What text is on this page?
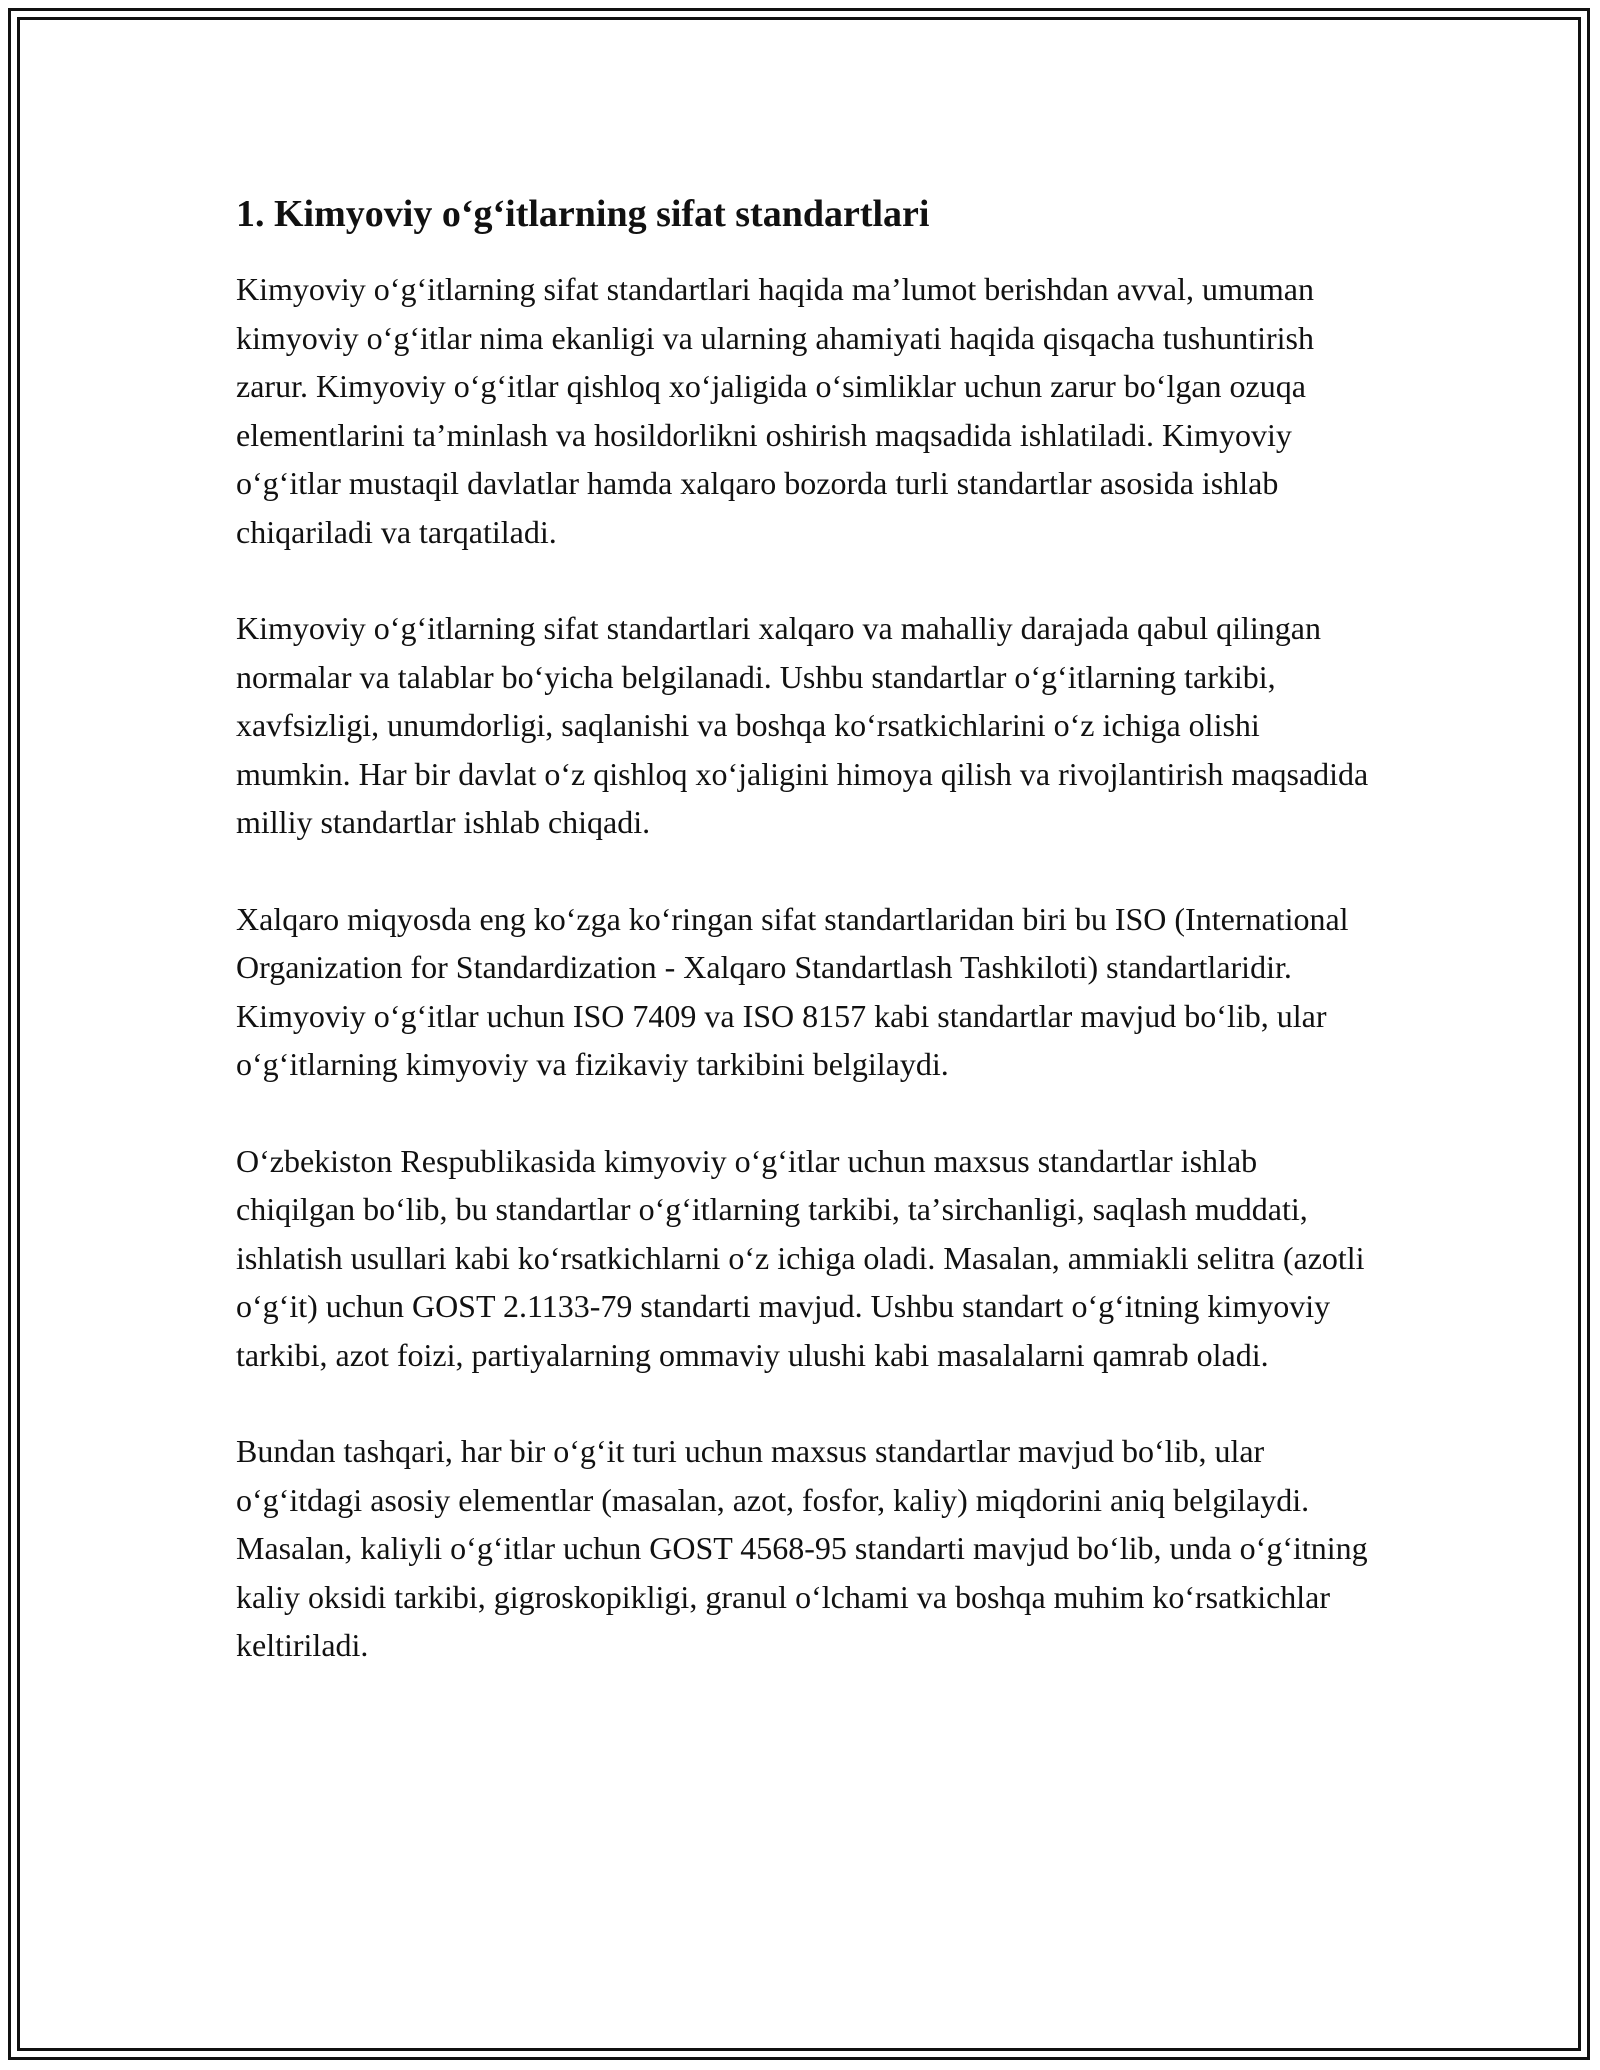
1. Kimyoviy oʻgʻitlarning sifat standartlari

Kimyoviy oʻgʻitlarning sifat standartlari haqida maʼlumot berishdan avval, umuman kimyoviy oʻgʻitlar nima ekanligi va ularning ahamiyati haqida qisqacha tushuntirish zarur. Kimyoviy oʻgʻitlar qishloq xoʻjaligida oʻsimliklar uchun zarur boʻlgan ozuqa elementlarini taʼminlash va hosildorlikni oshirish maqsadida ishlatiladi. Kimyoviy oʻgʻitlar mustaqil davlatlar hamda xalqaro bozorda turli standartlar asosida ishlab chiqariladi va tarqatiladi.

Kimyoviy oʻgʻitlarning sifat standartlari xalqaro va mahalliy darajada qabul qilingan normalar va talablar boʻyicha belgilanadi. Ushbu standartlar oʻgʻitlarning tarkibi, xavfsizligi, unumdorligi, saqlanishi va boshqa koʻrsatkichlarini oʻz ichiga olishi mumkin. Har bir davlat oʻz qishloq xoʻjaligini himoya qilish va rivojlantirish maqsadida milliy standartlar ishlab chiqadi.

Xalqaro miqyosda eng koʻzga koʻringan sifat standartlaridan biri bu ISO (International Organization for Standardization - Xalqaro Standartlash Tashkiloti) standartlaridir. Kimyoviy oʻgʻitlar uchun ISO 7409 va ISO 8157 kabi standartlar mavjud boʻlib, ular oʻgʻitlarning kimyoviy va fizikaviy tarkibini belgilaydi.

Oʻzbekiston Respublikasida kimyoviy oʻgʻitlar uchun maxsus standartlar ishlab chiqilgan boʻlib, bu standartlar oʻgʻitlarning tarkibi, taʼsirchanligi, saqlash muddati, ishlatish usullari kabi koʻrsatkichlarni oʻz ichiga oladi. Masalan, ammiakli selitra (azotli oʻgʻit) uchun GOST 2.1133-79 standarti mavjud. Ushbu standart oʻgʻitning kimyoviy tarkibi, azot foizi, partiyalarning ommaviy ulushi kabi masalalarni qamrab oladi.

Bundan tashqari, har bir oʻgʻit turi uchun maxsus standartlar mavjud boʻlib, ular oʻgʻitdagi asosiy elementlar (masalan, azot, fosfor, kaliy) miqdorini aniq belgilaydi. Masalan, kaliyli oʻgʻitlar uchun GOST 4568-95 standarti mavjud boʻlib, unda oʻgʻitning kaliy oksidi tarkibi, gigroskopikligi, granul oʻlchami va boshqa muhim koʻrsatkichlar keltiriladi.
